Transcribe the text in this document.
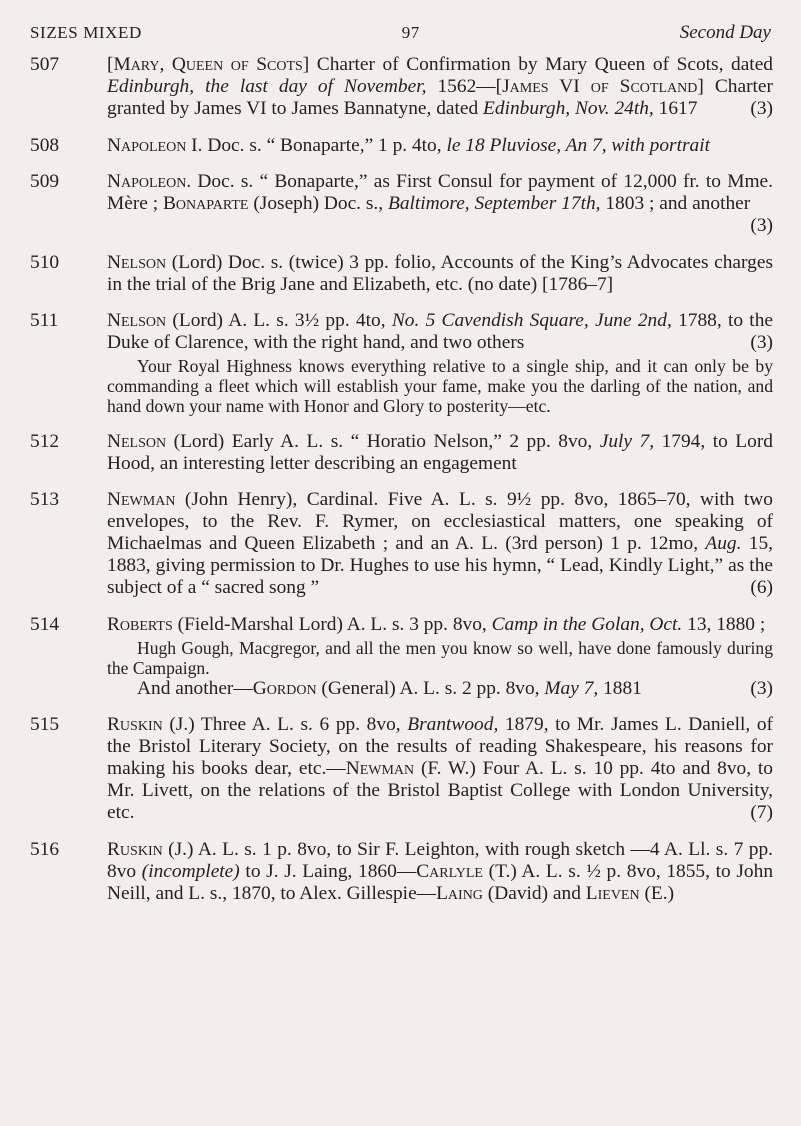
SIZES MIXED	97	Second Day
507	[Mary, Queen of Scots] Charter of Confirmation by Mary Queen of Scots, dated Edinburgh, the last day of November, 1562—[James VI of Scotland] Charter granted by James VI to James Bannatyne, dated Edinburgh, Nov. 24th, 1617	(3)
508	Napoleon I. Doc. s. “ Bonaparte,” 1 p. 4to, le 18 Pluviose, An 7, with portrait
509	Napoleon. Doc. s. “ Bonaparte,” as First Consul for payment of 12,000 fr. to Mme. Mère ; Bonaparte (Joseph) Doc. s., Baltimore, September 17th, 1803 ; and another
(3)
510	Nelson (Lord) Doc. s. (twice) 3 pp. folio, Accounts of the King’s Advocates charges in the trial of the Brig Jane and Elizabeth, etc. (no date) [1786–7]
511	Nelson (Lord) A. L. s. 3½ pp. 4to, No. 5 Cavendish Square, June 2nd, 1788, to the Duke of Clarence, with the right hand, and two others	(3)
Your Royal Highness knows everything relative to a single ship, and it can only be by commanding a fleet which will establish your fame, make you the darling of the nation, and hand down your name with Honor and Glory to posterity—etc.
512	Nelson (Lord) Early A. L. s. “ Horatio Nelson,” 2 pp. 8vo, July 7, 1794, to Lord Hood, an interesting letter describing an engagement
513	Newman (John Henry), Cardinal. Five A. L. s. 9½ pp. 8vo, 1865–70, with two envelopes, to the Rev. F. Rymer, on ecclesiastical matters, one speaking of Michaelmas and Queen Elizabeth ; and an A. L. (3rd person) 1 p. 12mo, Aug. 15, 1883, giving permission to Dr. Hughes to use his hymn, “ Lead, Kindly Light,” as the subject of a “ sacred song ”	(6)
514	Roberts (Field-Marshal Lord) A. L. s. 3 pp. 8vo, Camp in the Golan, Oct. 13, 1880 ;
Hugh Gough, Macgregor, and all the men you know so well, have done famously during the Campaign.
And another—Gordon (General) A. L. s. 2 pp. 8vo, May 7, 1881	(3)
515	Ruskin (J.) Three A. L. s. 6 pp. 8vo, Brantwood, 1879, to Mr. James L. Daniell, of the Bristol Literary Society, on the results of reading Shakespeare, his reasons for making his books dear, etc.—Newman (F. W.) Four A. L. s. 10 pp. 4to and 8vo, to Mr. Livett, on the relations of the Bristol Baptist College with London University, etc.	(7)
516	Ruskin (J.) A. L. s. 1 p. 8vo, to Sir F. Leighton, with rough sketch —4 A. Ll. s. 7 pp. 8vo (incomplete) to J. J. Laing, 1860—Carlyle (T.) A. L. s. ½ p. 8vo, 1855, to John Neill, and L. s., 1870, to Alex. Gillespie—Laing (David) and Lieven (E.)
